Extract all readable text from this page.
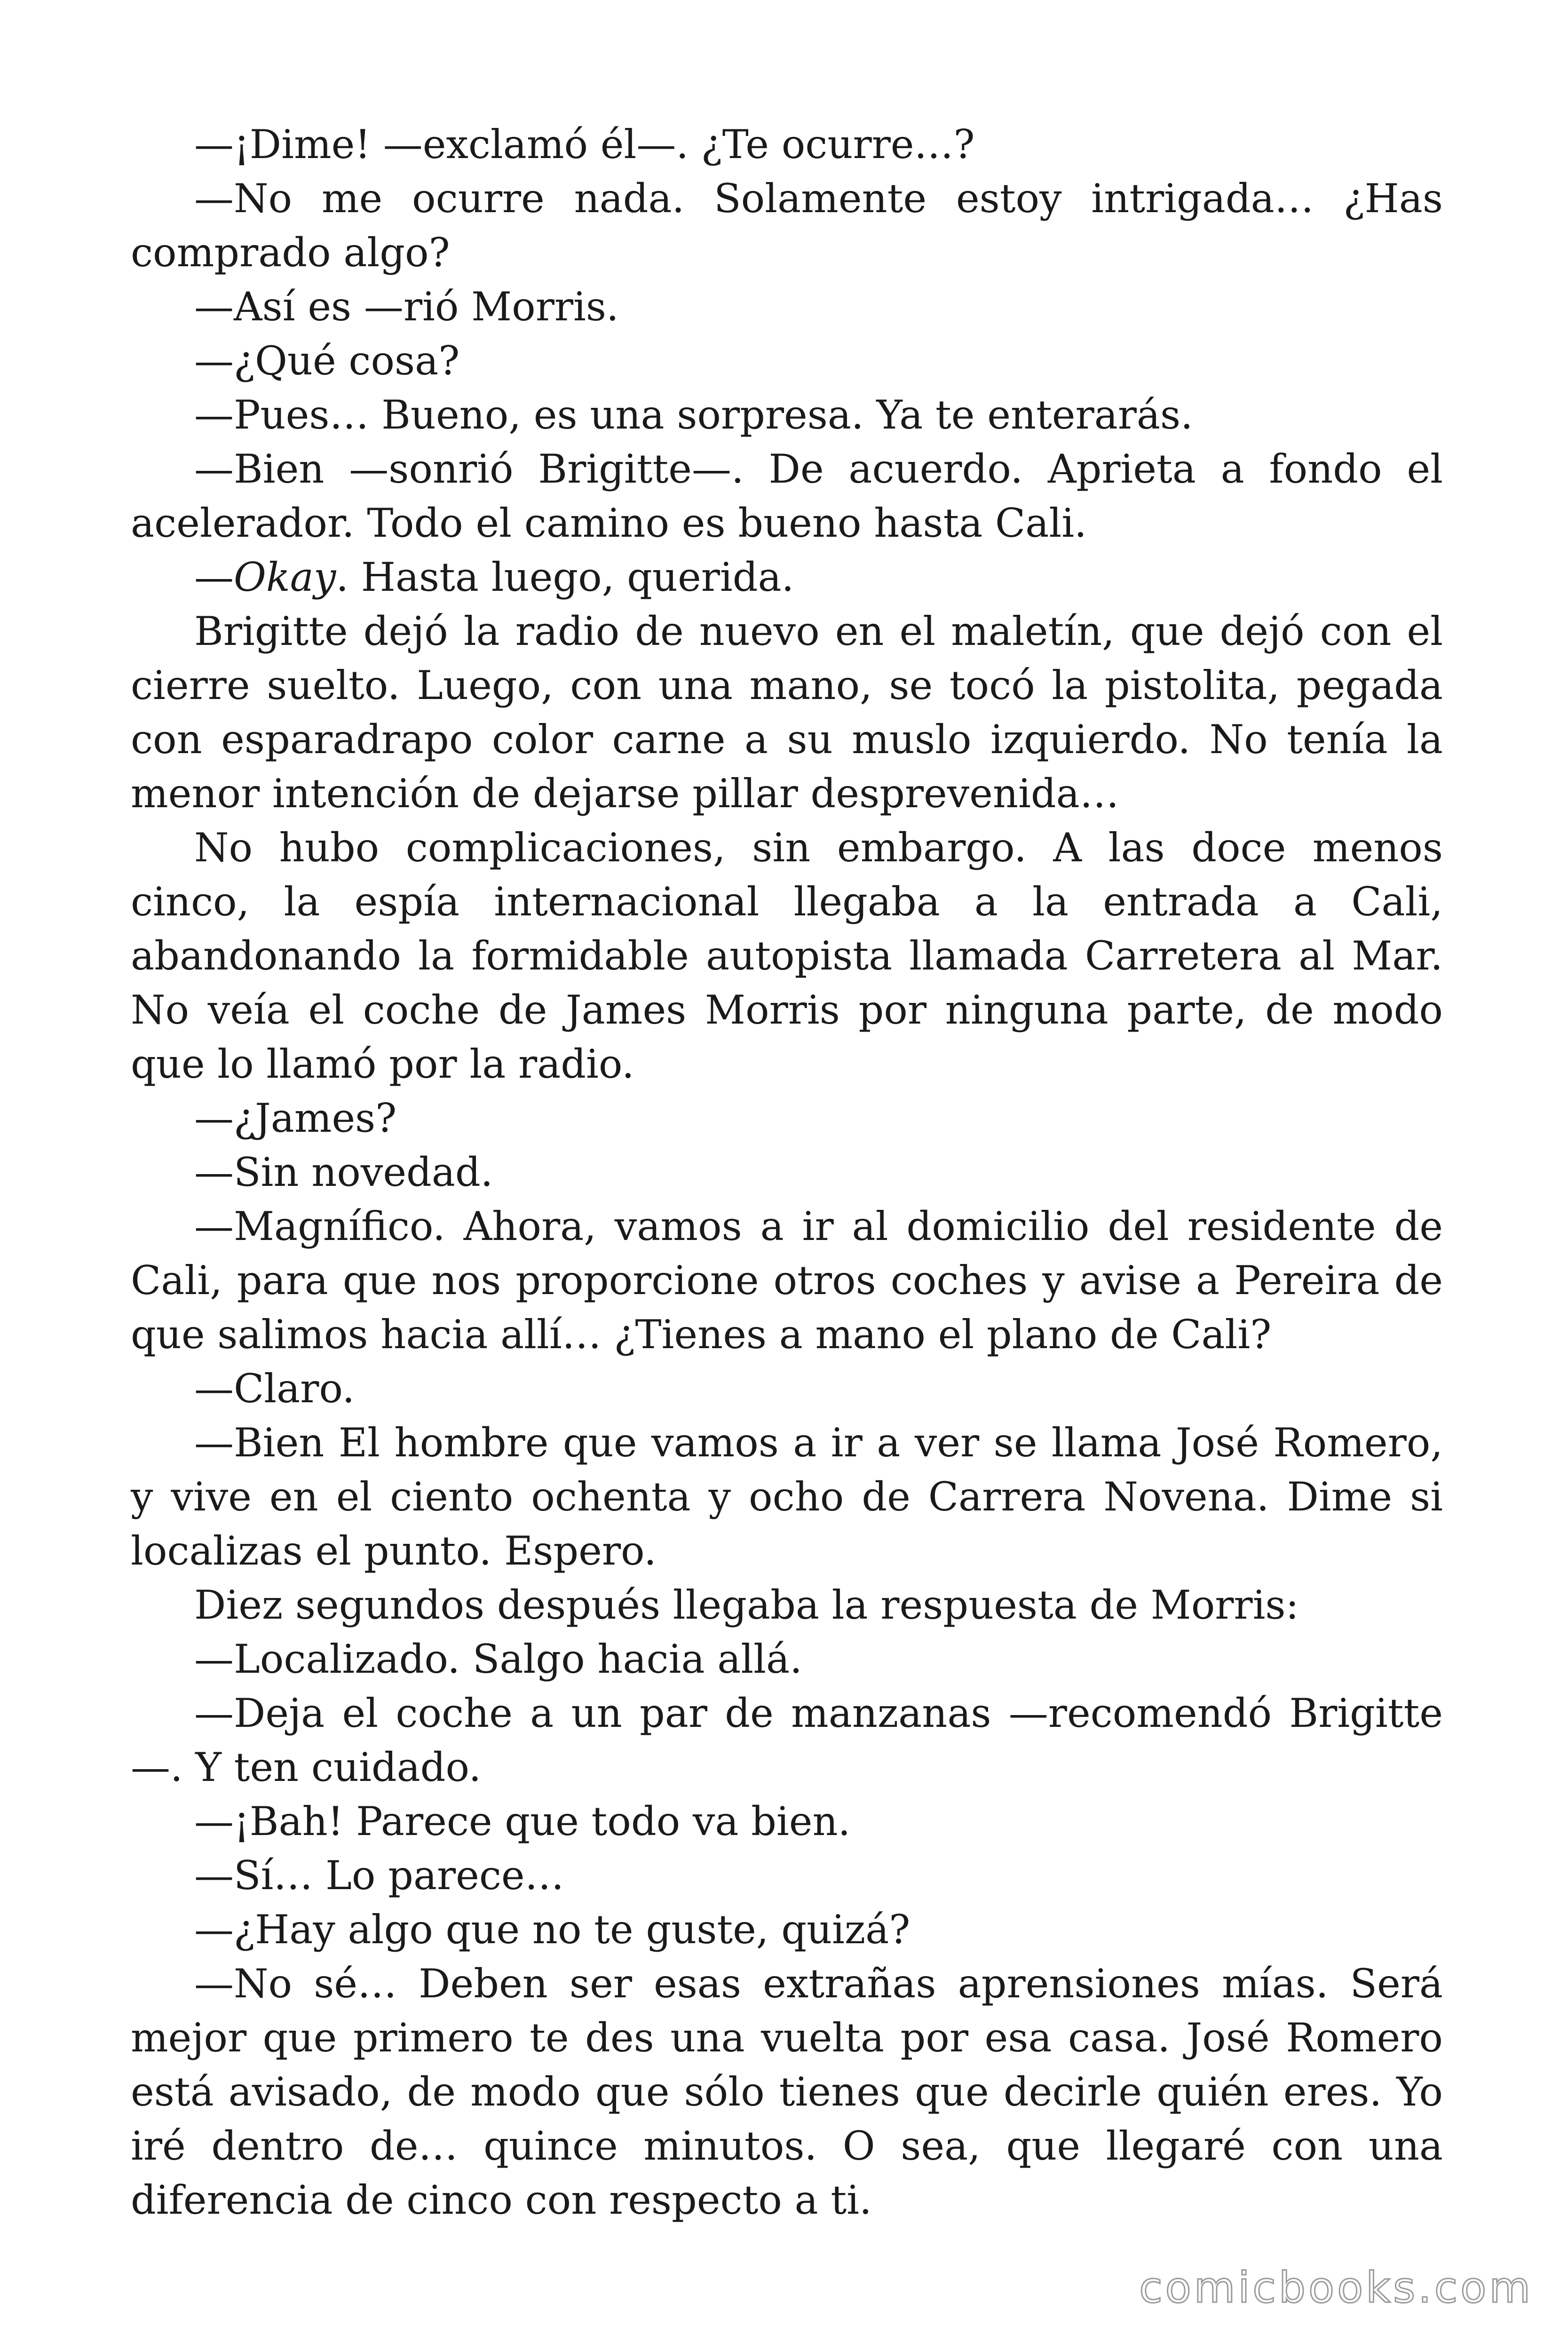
—¡Dime! —exclamó él—. ¿Te ocurre…?

—No me ocurre nada. Solamente estoy intrigada… ¿Has comprado algo?

—Así es —rió Morris.

—¿Qué cosa?

—Pues… Bueno, es una sorpresa. Ya te enterarás.

—Bien —sonrió Brigitte—. De acuerdo. Aprieta a fondo el acelerador. Todo el camino es bueno hasta Cali.

—Okay. Hasta luego, querida.

Brigitte dejó la radio de nuevo en el maletín, que dejó con el cierre suelto. Luego, con una mano, se tocó la pistolita, pegada con esparadrapo color carne a su muslo izquierdo. No tenía la menor intención de dejarse pillar desprevenida…

No hubo complicaciones, sin embargo. A las doce menos cinco, la espía internacional llegaba a la entrada a Cali, abandonando la formidable autopista llamada Carretera al Mar. No veía el coche de James Morris por ninguna parte, de modo que lo llamó por la radio.

—¿James?

—Sin novedad.

—Magnífico. Ahora, vamos a ir al domicilio del residente de Cali, para que nos proporcione otros coches y avise a Pereira de que salimos hacia allí… ¿Tienes a mano el plano de Cali?

—Claro.

—Bien El hombre que vamos a ir a ver se llama José Romero, y vive en el ciento ochenta y ocho de Carrera Novena. Dime si localizas el punto. Espero.

Diez segundos después llegaba la respuesta de Morris:

—Localizado. Salgo hacia allá.

—Deja el coche a un par de manzanas —recomendó Brigitte—. Y ten cuidado.

—¡Bah! Parece que todo va bien.

—Sí… Lo parece…

—¿Hay algo que no te guste, quizá?

—No sé… Deben ser esas extrañas aprensiones mías. Será mejor que primero te des una vuelta por esa casa. José Romero está avisado, de modo que sólo tienes que decirle quién eres. Yo iré dentro de… quince minutos. O sea, que llegaré con una diferencia de cinco con respecto a ti.

comicbooks.com
